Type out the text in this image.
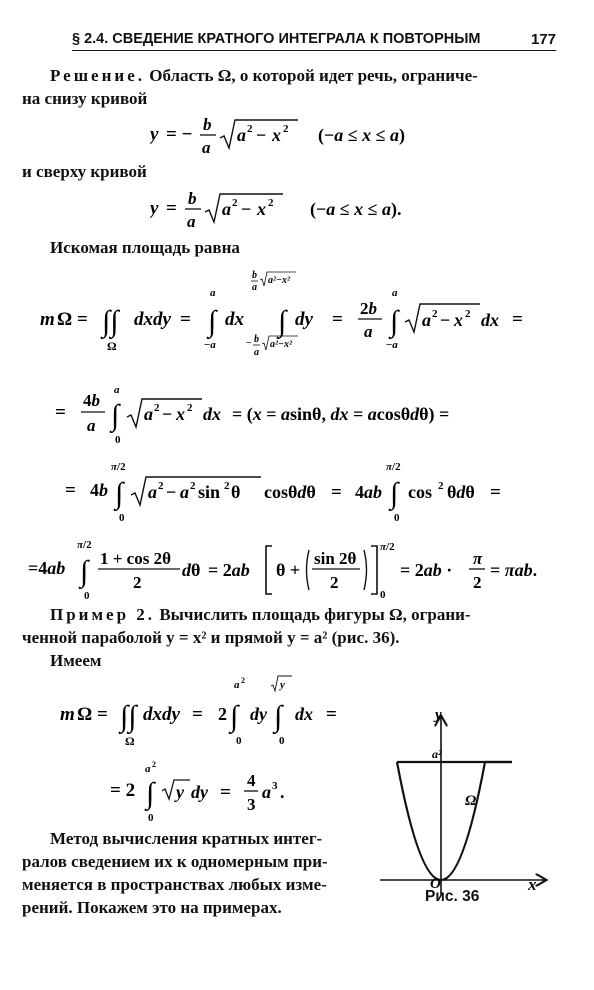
§ 2.4. СВЕДЕНИЕ КРАТНОГО ИНТЕГРАЛА К ПОВТОРНЫМ	177
Решение. Область Ω, о которой идет речь, ограниче-
на снизу кривой
y = − b
a
a 2 − x 2 (−a ≤ x ≤ a)
и сверху кривой
y = b
a
a 2 − x 2 (−a ≤ x ≤ a).
Искомая площадь равна
m Ω = ∫∫
Ω
dxdy = ∫
a
−a
dx ∫
b
a
a²−x²
− b
a
a²−x²
dy =
2b
a ∫
a
−a
a 2 − x 2 dx =
=
4b
a ∫
a
0
a 2 − x 2 dx = (x = asinθ, dx = acosθdθ) =
= 4b ∫
π/2
0
a 2 − a 2 sin 2 θ cosθdθ = 4ab ∫
π/2
0
cos 2 θdθ =
=4ab ∫
π/2
0
1 + cos 2θ
2
dθ = 2ab θ +
sin 2θ
2
π/2
0
= 2ab ·
π
2
= πab.
Пример 2. Вычислить площадь фигуры Ω, ограни-
ченной параболой y = x² и прямой y = a² (рис. 36).
Имеем
m Ω = ∫∫
Ω
dxdy = 2 ∫
a 2
0
dy ∫
y
0
dx =
= 2 ∫
a 2
0
y dy =
4
3
a 3 .
Метод вычисления кратных интег-
ралов сведением их к одномерным при-
меняется в пространствах любых изме-
рений. Покажем это на примерах.
y
x
a²
Ω
O
Рис. 36
